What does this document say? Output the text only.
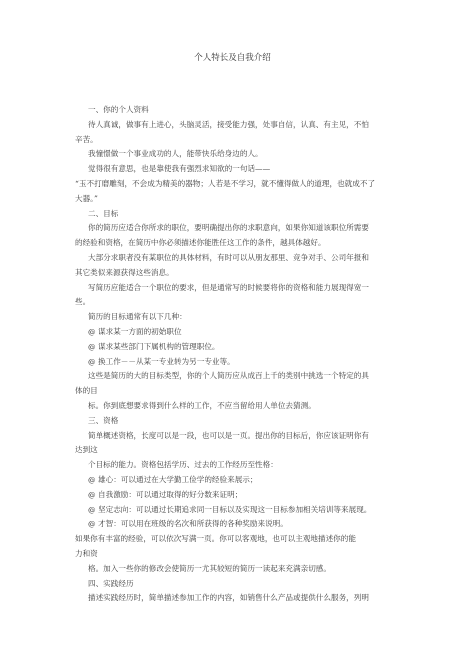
个人特长及自我介绍

一、你的个人资料

待人真诚，做事有上进心，头脑灵活，接受能力强，处事自信，认真、有主见，不怕

辛苦。

我憧憬做一个事业成功的人，能带快乐给身边的人。

觉得很有意思，也是靠使我有强烈求知欲的一句话——

“玉不打磨雕刻，不会成为精美的器物；人若是不学习，就不懂得做人的道理，也就成不了

大器。”

二、目标

你的简历应适合你所求的职位，要明确提出你的求职意向，如果你知道该职位所需要

的经验和资格，在简历中你必须描述你能胜任这工作的条件，越具体越好。

大部分求职者没有某职位的具体材料，有时可以从朋友那里、竞争对手、公司年报和

其它类似来源获得这些消息。

写简历应能适合一个职位的要求，但是通常写的时候要将你的资格和能力展现得宽一

些。

简历的目标通常有以下几种：

@ 谋求某一方面的初始职位

@ 谋求某些部门下属机构的管理职位。

@ 换工作－－从某一专业转为另一专业等。

这些是简历的大的目标类型，你的个人简历应从成百上千的类别中挑选一个特定的具

体的目

标。你到底想要求得到什么样的工作，不应当留给用人单位去猜测。

三、资格

简单概述资格，长度可以是一段，也可以是一页。提出你的目标后，你应该证明你有

达到这

个目标的能力。资格包括学历、过去的工作经历至性格：

@ 雄心：可以通过在大学勤工俭学的经验来展示；

@ 自我激励：可以通过取得的好分数来证明；

@ 坚定志向：可以通过长期追求同一目标以及实现这一目标参加相关培训等来展现。

@ 才智：可以用在班级的名次和所获得的各种奖励来说明。

如果你有丰富的经验，可以依次写满一页。你可以客观地，也可以主观地描述你的能

力和资

格。加入一些你的修改会使简历一尤其较短的简历一读起来充满亲切感。

四、实践经历

描述实践经历时，简单描述参加工作的内容，如销售什么产品或提供什么服务，列明
